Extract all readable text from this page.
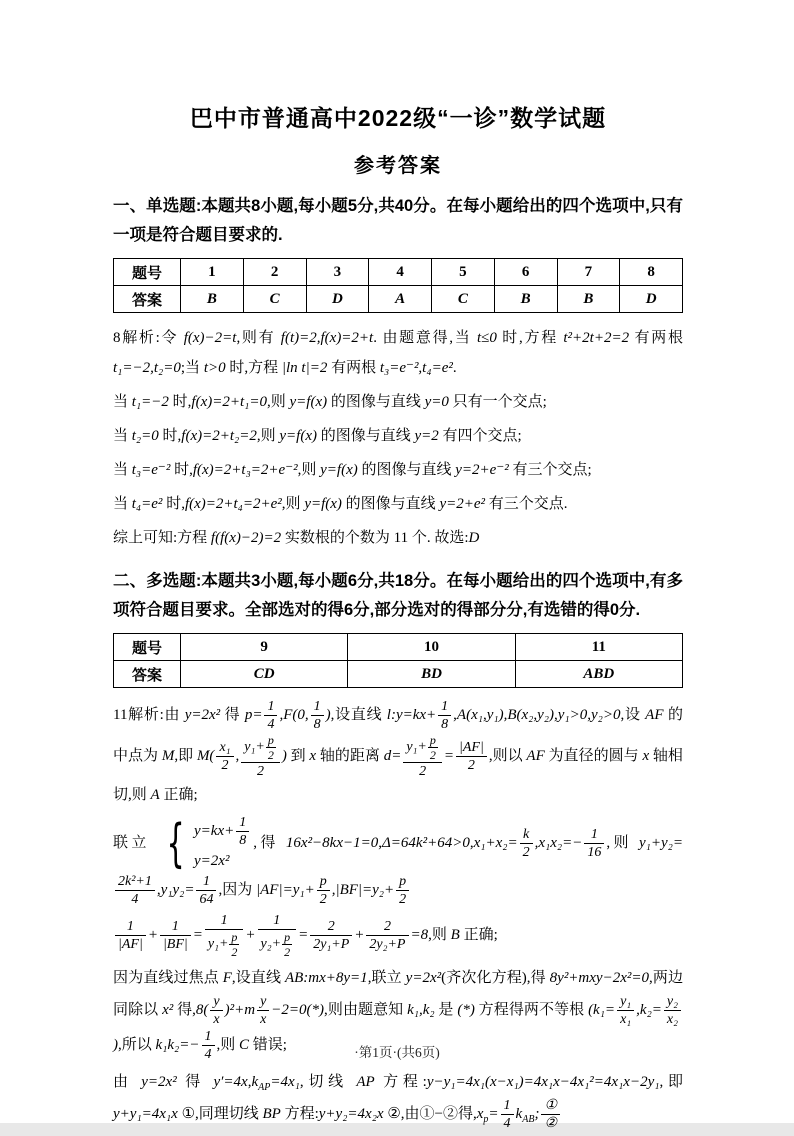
巴中市普通高中2022级“一诊”数学试题
参考答案

一、单选题:本题共8小题,每小题5分,共40分。在每小题给出的四个选项中,只有一项是符合题目要求的.

题号	1	2	3	4	5	6	7	8
答案	B	C	D	A	C	B	B	D

8解析:令 f(x)−2=t,则有 f(t)=2,f(x)=2+t. 由题意得,当 t≤0 时,方程 t²+2t+2=2 有两根 t₁=−2,t₂=0;当 t>0 时,方程 |ln t|=2 有两根 t₃=e⁻²,t₄=e².

当 t₁=−2 时,f(x)=2+t₁=0,则 y=f(x) 的图像与直线 y=0 只有一个交点;

当 t₂=0 时,f(x)=2+t₂=2,则 y=f(x) 的图像与直线 y=2 有四个交点;

当 t₃=e⁻² 时,f(x)=2+t₃=2+e⁻²,则 y=f(x) 的图像与直线 y=2+e⁻² 有三个交点;

当 t₄=e² 时,f(x)=2+t₄=2+e²,则 y=f(x) 的图像与直线 y=2+e² 有三个交点.

综上可知:方程 f(f(x)−2)=2 实数根的个数为 11 个. 故选:D

二、多选题:本题共3小题,每小题6分,共18分。在每小题给出的四个选项中,有多项符合题目要求。全部选对的得6分,部分选对的得部分分,有选错的得0分.

题号	9	10	11
答案	CD	BD	ABD

11解析:由 y=2x² 得 $p= \frac{1}{4} ,F(0$, $\frac{1}{8}$ ),设直线 l:y=kx+ $\frac{1}{8} ,A(x_1,y_1),B(x_2,y_2),y_1>0,y_2>0$,设 AF 的中点为 M,即 $M( \frac{\text{x₁}}{2}$ , $\frac{y_1+ \frac{p}{2}}{2}$ ) 到 x 轴的距离 $d= \frac{y_1+ \frac{p}{2}}{2} = \frac{|AF|}{2}$ ,则以 AF 为直径的圆与 x 轴相切,则 A 正确;

联立 { $y=kx+ \frac{1}{8}$
y=2x²
,得 $16x^2-8kx-1=0,\Delta=64k^2+64>0,x_1+x_2= \frac{k}{2} ,x_1x_2=- \frac{1}{16}$ ,则 y₁+y₂=
$\frac{\text{2k²+1}}{4} ,y_1y_2= \frac{1}{64}$ ,因为 $|AF|=y_1+ \frac{p}{2} ,|BF|=y_2+ \frac{p}{2}$

$\frac{1}{|AF|} + \frac{1}{|BF|} = \frac{1}{y_1+ \frac{p}{2}} + \frac{1}{y_2+ \frac{p}{2}} = \frac{2}{\text{2y₁+P}} + \frac{2}{\text{2y₂+P}} =8$,则 B 正确;

因为直线过焦点 F,设直线 AB:mx+8y=1,联立 y=2x²(齐次化方程),得 8y²+mxy−2x²=0,两边同除以 x² 得$,8( \frac{y}{x} )^2+m \frac{y}{x} -2=0(*)$,则由题意知 k₁,k₂ 是 (*) 方程得两不等根 ($k_1= \frac{\text{y₁}}{\text{x₁}} ,k_2= \frac{\text{y₂}}{\text{x₂}}$
),所以 $k_1k_2=- \frac{1}{4}$ ,则 C 错误;

由 y=2x² 得 $y'=4x,k_{AP}=4x_1$,切线 AP 方程:y−y₁=4x₁(x−x₁)=4x₁x−4x₁²=4x₁x−2y₁,即 y+y₁=4x₁x ①,同理切线 BP 方程:y+y₂=4x₂x ②,由①−②得$,x_p= \frac{1}{4} k_{AB}$; $\frac{\text{①}}{\text{②}}$

·第1页·(共6页)
